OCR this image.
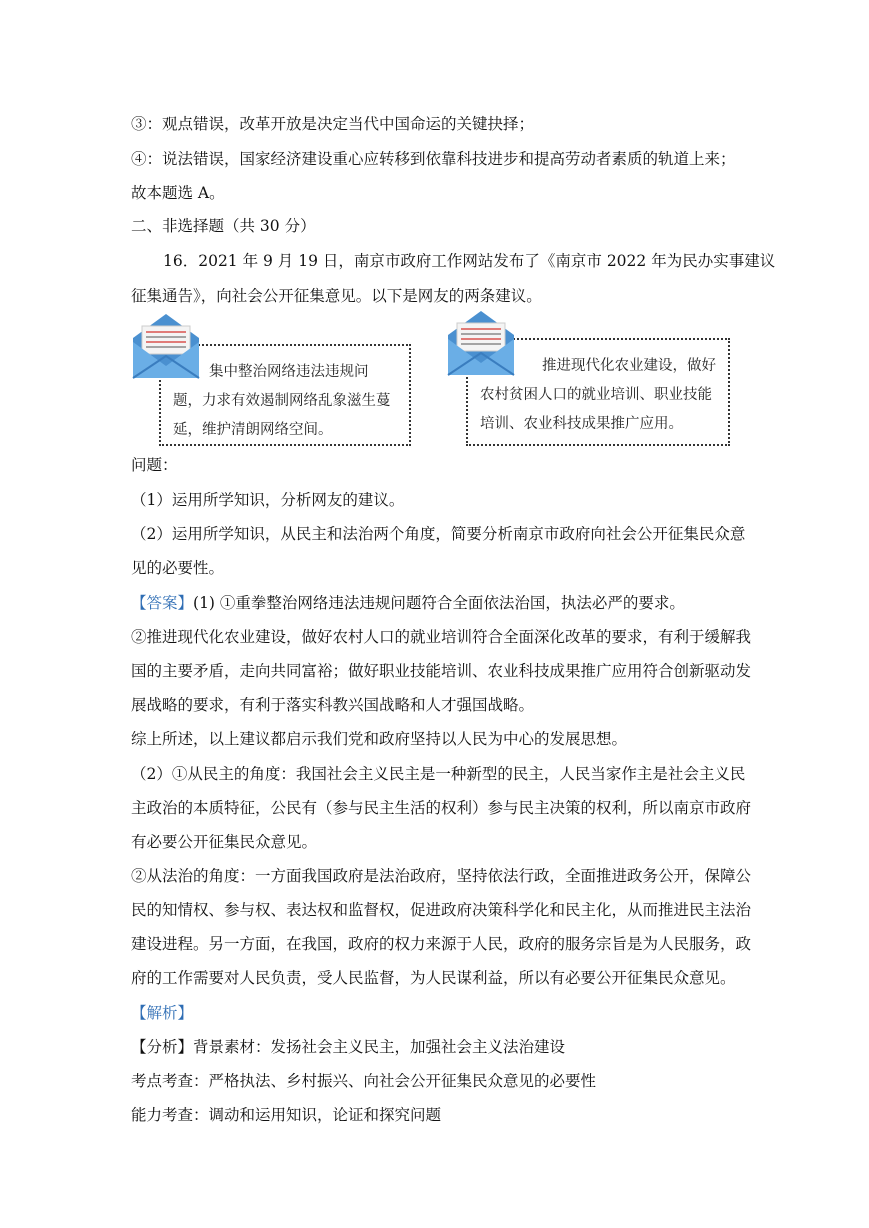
③：观点错误，改革开放是决定当代中国命运的关键抉择；
④：说法错误，国家经济建设重心应转移到依靠科技进步和提高劳动者素质的轨道上来；
故本题选 A。
二、非选择题（共 30 分）
16．2021 年 9 月 19 日，南京市政府工作网站发布了《南京市 2022 年为民办实事建议
征集通告》，向社会公开征集意见。以下是网友的两条建议。
集中整治网络违法违规问
题，力求有效遏制网络乱象滋生蔓
延，维护清朗网络空间。
推进现代化农业建设，做好
农村贫困人口的就业培训、职业技能
培训、农业科技成果推广应用。
问题：
（1）运用所学知识，分析网友的建议。
（2）运用所学知识，从民主和法治两个角度，简要分析南京市政府向社会公开征集民众意
见的必要性。
【答案】(1) ①重拳整治网络违法违规问题符合全面依法治国，执法必严的要求。
②推进现代化农业建设，做好农村人口的就业培训符合全面深化改革的要求，有利于缓解我
国的主要矛盾，走向共同富裕；做好职业技能培训、农业科技成果推广应用符合创新驱动发
展战略的要求，有利于落实科教兴国战略和人才强国战略。
综上所述，以上建议都启示我们党和政府坚持以人民为中心的发展思想。
（2）①从民主的角度：我国社会主义民主是一种新型的民主，人民当家作主是社会主义民
主政治的本质特征，公民有（参与民主生活的权利）参与民主决策的权利，所以南京市政府
有必要公开征集民众意见。
②从法治的角度：一方面我国政府是法治政府，坚持依法行政，全面推进政务公开，保障公
民的知情权、参与权、表达权和监督权，促进政府决策科学化和民主化，从而推进民主法治
建设进程。另一方面，在我国，政府的权力来源于人民，政府的服务宗旨是为人民服务，政
府的工作需要对人民负责，受人民监督，为人民谋利益，所以有必要公开征集民众意见。
【解析】
【分析】背景素材：发扬社会主义民主，加强社会主义法治建设
考点考查：严格执法、乡村振兴、向社会公开征集民众意见的必要性
能力考查：调动和运用知识，论证和探究问题
